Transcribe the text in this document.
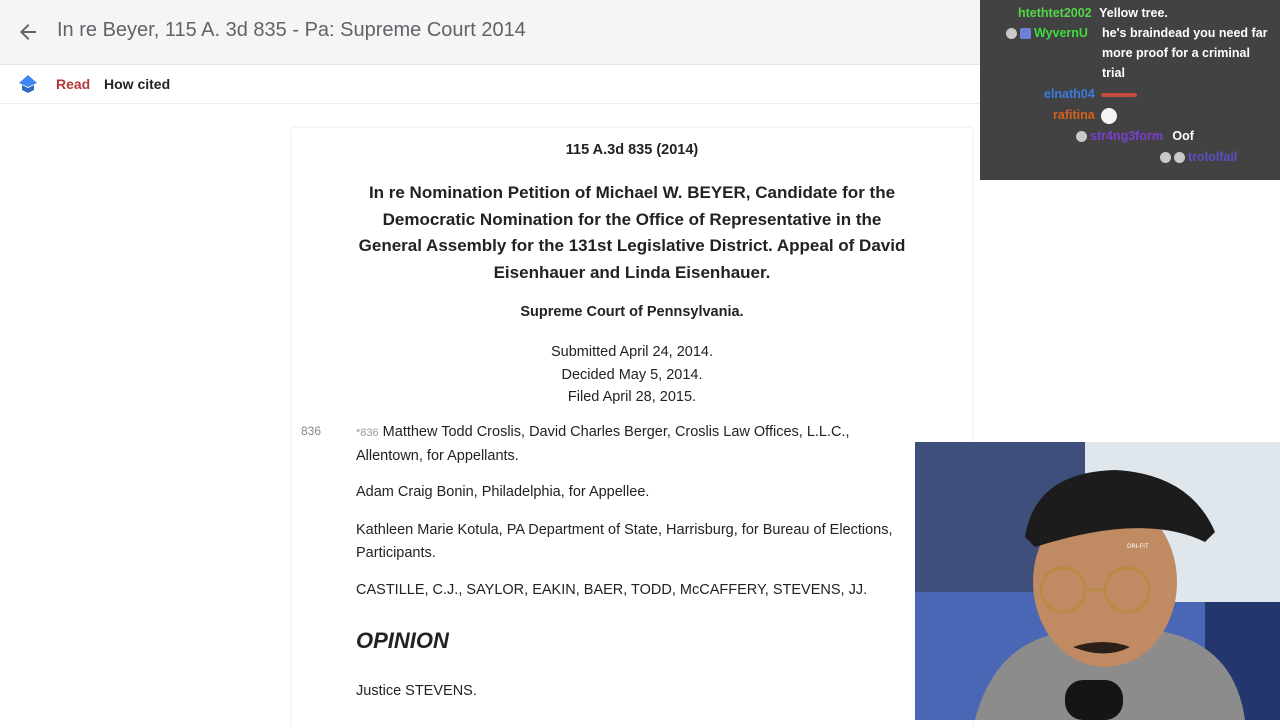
In re Beyer, 115 A. 3d 835 - Pa: Supreme Court 2014
Read How cited
115 A.3d 835 (2014)
In re Nomination Petition of Michael W. BEYER, Candidate for the Democratic Nomination for the Office of Representative in the General Assembly for the 131st Legislative District. Appeal of David Eisenhauer and Linda Eisenhauer.
Supreme Court of Pennsylvania.
Submitted April 24, 2014.
Decided May 5, 2014.
Filed April 28, 2015.
836	*836 Matthew Todd Croslis, David Charles Berger, Croslis Law Offices, L.L.C., Allentown, for Appellants.
Adam Craig Bonin, Philadelphia, for Appellee.
Kathleen Marie Kotula, PA Department of State, Harrisburg, for Bureau of Elections, Participants.
CASTILLE, C.J., SAYLOR, EAKIN, BAER, TODD, McCAFFERY, STEVENS, JJ.
OPINION
Justice STEVENS.
htethtet2002 Yellow tree.
WyvernU	he's braindead you need far more proof for a criminal trial
elnath04
rafitina
str4ng3form Oof
trololfail
DRI-FIT
